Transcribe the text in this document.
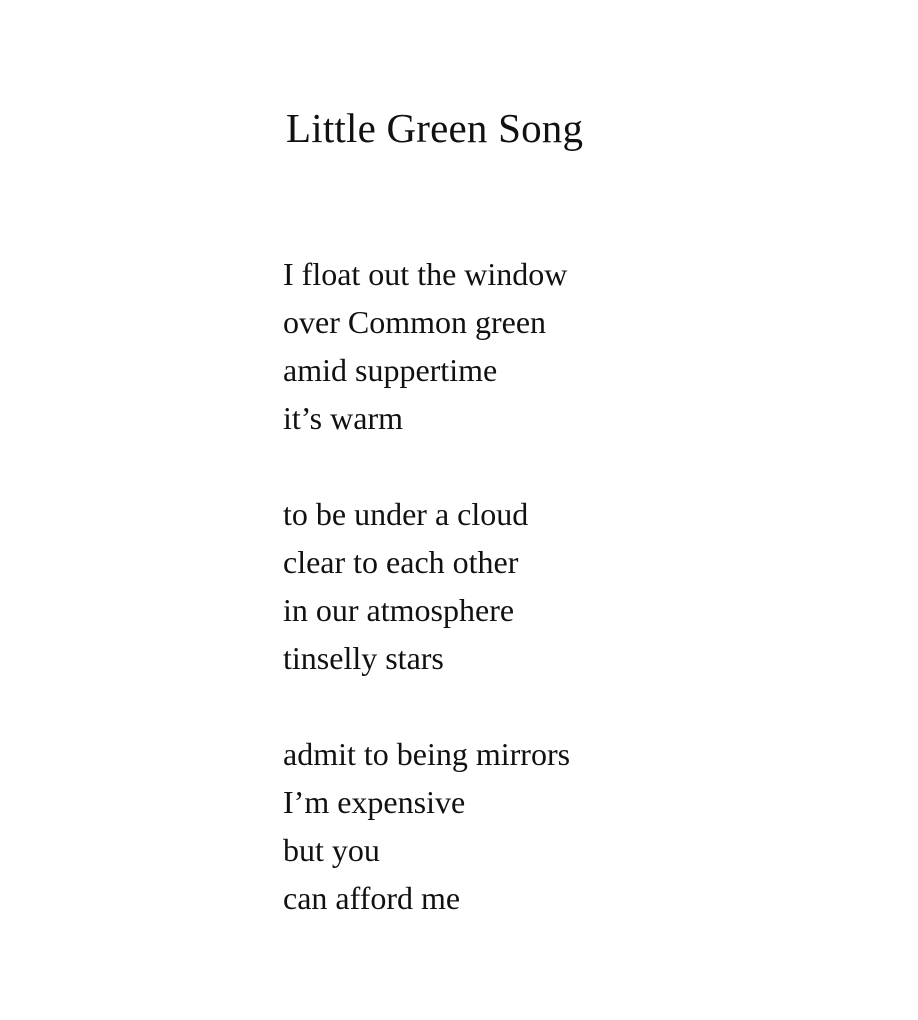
Little Green Song
I float out the window
over Common green
amid suppertime
it’s warm
to be under a cloud
clear to each other
in our atmosphere
tinselly stars
admit to being mirrors
I’m expensive
but you
can afford me
